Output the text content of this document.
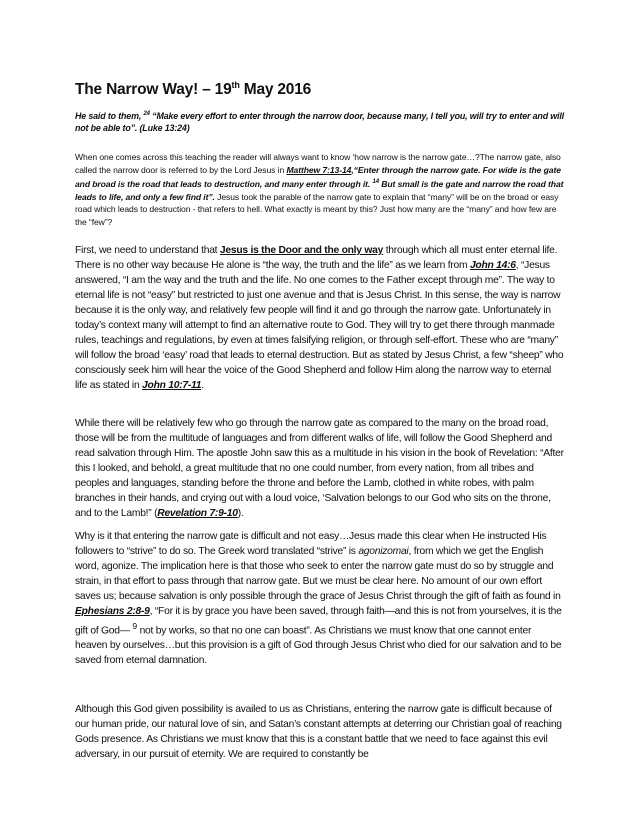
The Narrow Way! – 19th May 2016
He said to them, $^{24}$ “Make every effort to enter through the narrow door, because many, I tell you, will try to enter and will not be able to”. (Luke 13:24)
When one comes across this teaching the reader will always want to know ‘how narrow is the narrow gate…?The narrow gate, also called the narrow door is referred to by the Lord Jesus in Matthew 7:13-14,“Enter through the narrow gate. For wide is the gate and broad is the road that leads to destruction, and many enter through it. $^{14}$ But small is the gate and narrow the road that leads to life, and only a few find it”. Jesus took the parable of the narrow gate to explain that “many” will be on the broad or easy road which leads to destruction - that refers to hell. What exactly is meant by this? Just how many are the “many” and how few are the “few”?
First, we need to understand that Jesus is the Door and the only way through which all must enter eternal life. There is no other way because He alone is “the way, the truth and the life” as we learn from John 14:6, “Jesus answered, “I am the way and the truth and the life. No one comes to the Father except through me”. The way to eternal life is not “easy” but restricted to just one avenue and that is Jesus Christ. In this sense, the way is narrow because it is the only way, and relatively few people will find it and go through the narrow gate. Unfortunately in today’s context many will attempt to find an alternative route to God. They will try to get there through manmade rules, teachings and regulations, by even at times falsifying religion, or through self-effort. These who are “many” will follow the broad ‘easy’ road that leads to eternal destruction. But as stated by Jesus Christ, a few “sheep” who consciously seek him will hear the voice of the Good Shepherd and follow Him along the narrow way to eternal life as stated in John 10:7-11.
While there will be relatively few who go through the narrow gate as compared to the many on the broad road, those will be from the multitude of languages and from different walks of life, will follow the Good Shepherd and read salvation through Him. The apostle John saw this as a multitude in his vision in the book of Revelation: “After this I looked, and behold, a great multitude that no one could number, from every nation, from all tribes and peoples and languages, standing before the throne and before the Lamb, clothed in white robes, with palm branches in their hands, and crying out with a loud voice, ‘Salvation belongs to our God who sits on the throne, and to the Lamb!” (Revelation 7:9-10).
Why is it that entering the narrow gate is difficult and not easy…Jesus made this clear when He instructed His followers to “strive” to do so. The Greek word translated “strive” is agonizomai, from which we get the English word, agonize. The implication here is that those who seek to enter the narrow gate must do so by struggle and strain, in that effort to pass through that narrow gate. But we must be clear here. No amount of our own effort saves us; because salvation is only possible through the grace of Jesus Christ through the gift of faith as found in Ephesians 2:8-9, “For it is by grace you have been saved, through faith—and this is not from yourselves, it is the gift of God— $^9$ not by works, so that no one can boast”. As Christians we must know that one cannot enter heaven by ourselves…but this provision is a gift of God through Jesus Christ who died for our salvation and to be saved from eternal damnation.
Although this God given possibility is availed to us as Christians, entering the narrow gate is difficult because of our human pride, our natural love of sin, and Satan’s constant attempts at deterring our Christian goal of reaching Gods presence. As Christians we must know that this is a constant battle that we need to face against this evil adversary, in our pursuit of eternity. We are required to constantly be
